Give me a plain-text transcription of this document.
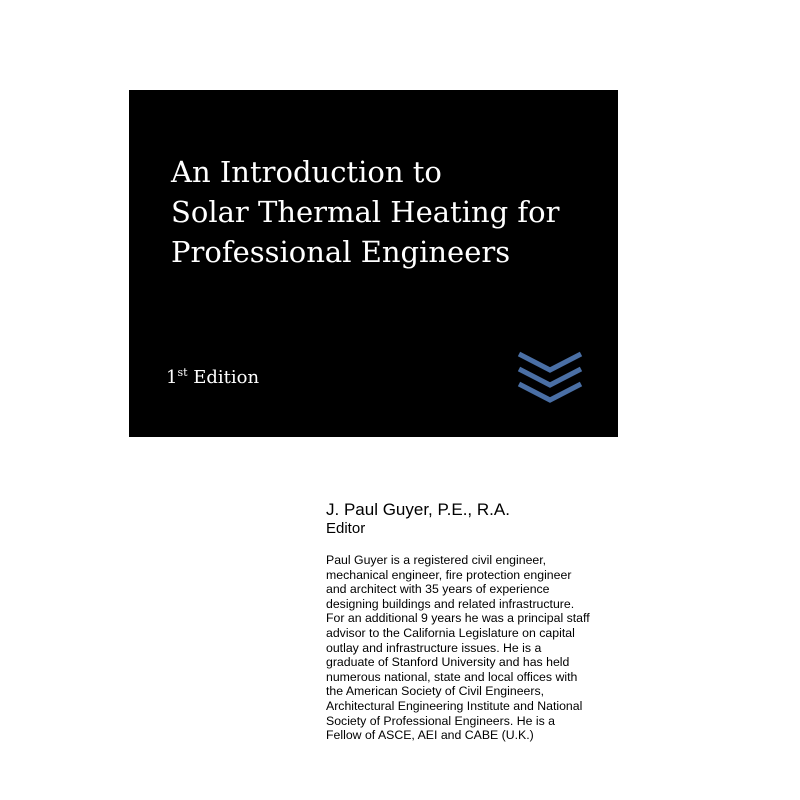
An Introduction to
Solar Thermal Heating for
Professional Engineers
1st Edition

J. Paul Guyer, P.E., R.A.

Editor

Paul Guyer is a registered civil engineer,
mechanical engineer, fire protection engineer
and architect with 35 years of experience
designing buildings and related infrastructure.
For an additional 9 years he was a principal staff
advisor to the California Legislature on capital
outlay and infrastructure issues. He is a
graduate of Stanford University and has held
numerous national, state and local offices with
the American Society of Civil Engineers,
Architectural Engineering Institute and National
Society of Professional Engineers. He is a
Fellow of ASCE, AEI and CABE (U.K.)
